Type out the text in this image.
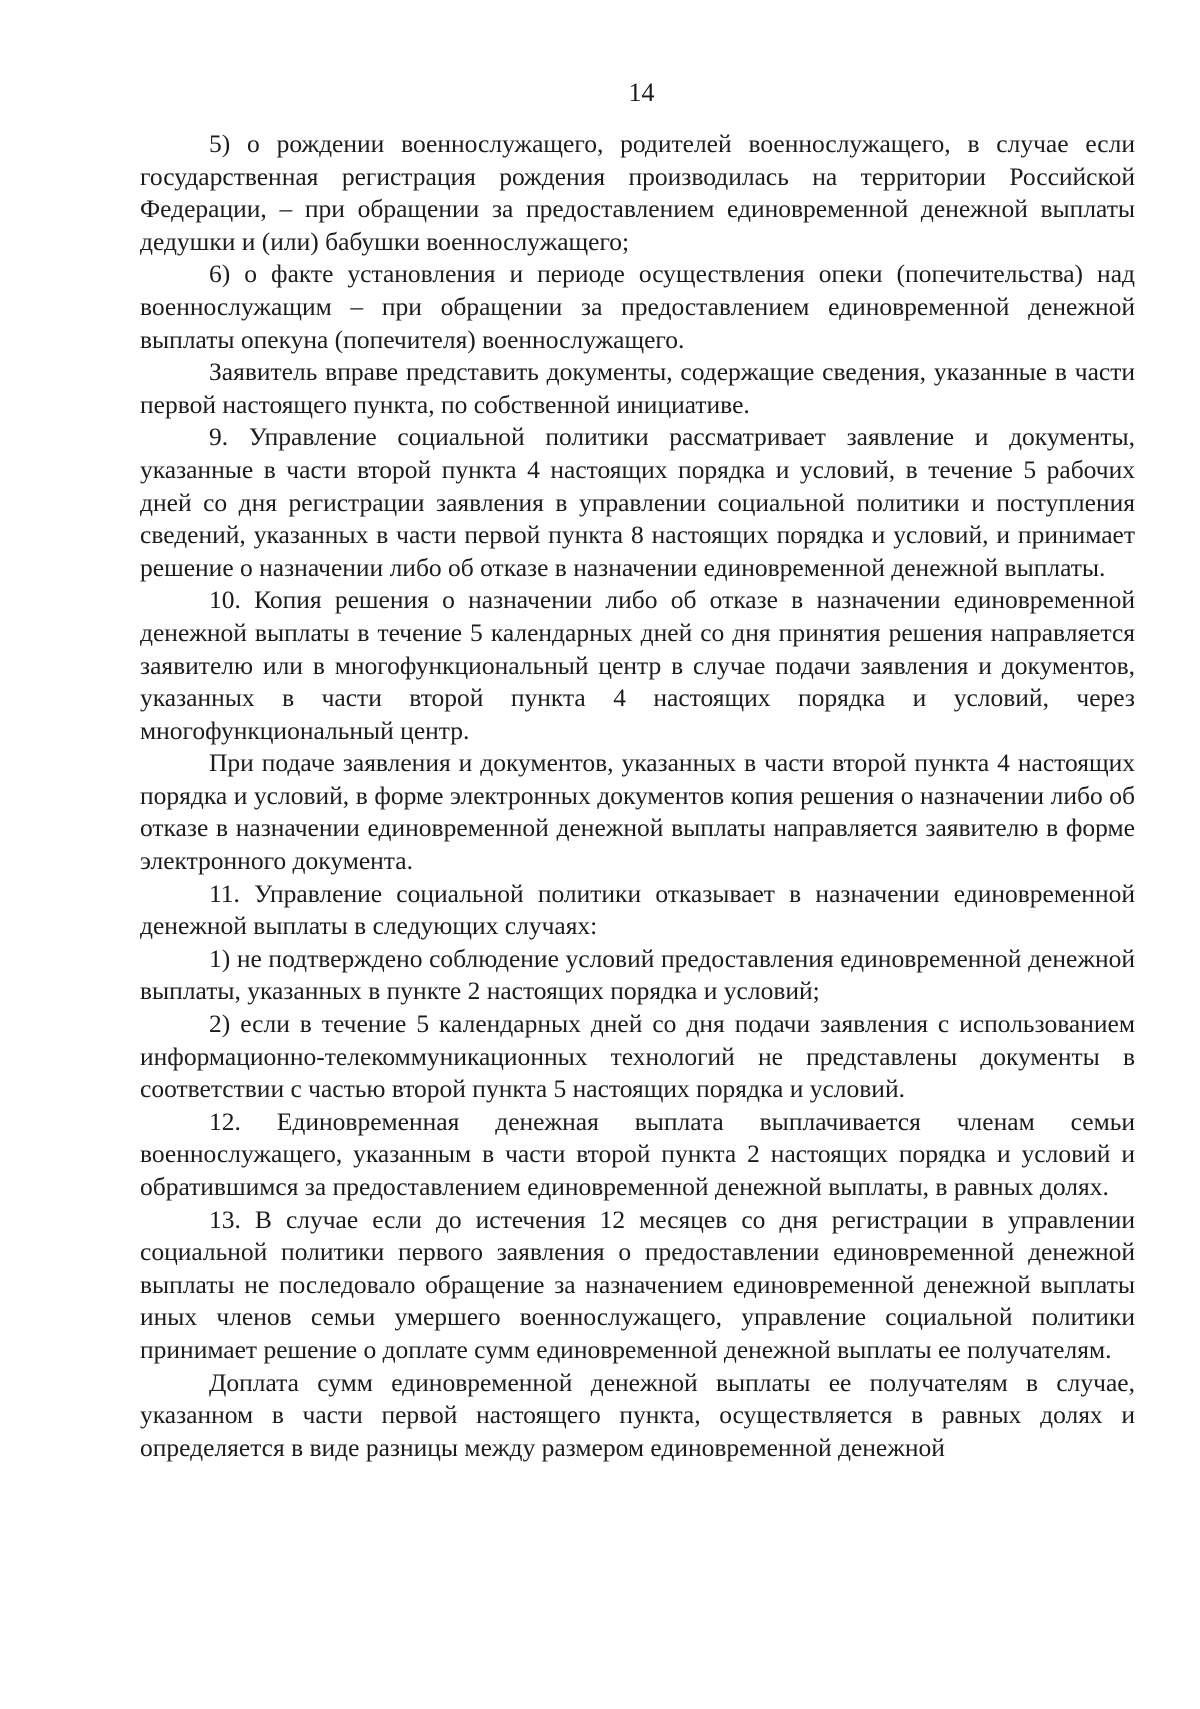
14

5) о рождении военнослужащего, родителей военнослужащего, в случае если государственная регистрация рождения производилась на территории Российской Федерации, – при обращении за предоставлением единовременной денежной выплаты дедушки и (или) бабушки военнослужащего;

6) о факте установления и периоде осуществления опеки (попечительства) над военнослужащим – при обращении за предоставлением единовременной денежной выплаты опекуна (попечителя) военнослужащего.

Заявитель вправе представить документы, содержащие сведения, указанные в части первой настоящего пункта, по собственной инициативе.

9. Управление социальной политики рассматривает заявление и документы, указанные в части второй пункта 4 настоящих порядка и условий, в течение 5 рабочих дней со дня регистрации заявления в управлении социальной политики и поступления сведений, указанных в части первой пункта 8 настоящих порядка и условий, и принимает решение о назначении либо об отказе в назначении единовременной денежной выплаты.

10. Копия решения о назначении либо об отказе в назначении единовременной денежной выплаты в течение 5 календарных дней со дня принятия решения направляется заявителю или в многофункциональный центр в случае подачи заявления и документов, указанных в части второй пункта 4 настоящих порядка и условий, через многофункциональный центр.

При подаче заявления и документов, указанных в части второй пункта 4 настоящих порядка и условий, в форме электронных документов копия решения о назначении либо об отказе в назначении единовременной денежной выплаты направляется заявителю в форме электронного документа.

11. Управление социальной политики отказывает в назначении единовременной денежной выплаты в следующих случаях:

1) не подтверждено соблюдение условий предоставления единовременной денежной выплаты, указанных в пункте 2 настоящих порядка и условий;

2) если в течение 5 календарных дней со дня подачи заявления с использованием информационно-телекоммуникационных технологий не представлены документы в соответствии с частью второй пункта 5 настоящих порядка и условий.

12. Единовременная денежная выплата выплачивается членам семьи военнослужащего, указанным в части второй пункта 2 настоящих порядка и условий и обратившимся за предоставлением единовременной денежной выплаты, в равных долях.

13. В случае если до истечения 12 месяцев со дня регистрации в управлении социальной политики первого заявления о предоставлении единовременной денежной выплаты не последовало обращение за назначением единовременной денежной выплаты иных членов семьи умершего военнослужащего, управление социальной политики принимает решение о доплате сумм единовременной денежной выплаты ее получателям.

Доплата сумм единовременной денежной выплаты ее получателям в случае, указанном в части первой настоящего пункта, осуществляется в равных долях и определяется в виде разницы между размером единовременной денежной
